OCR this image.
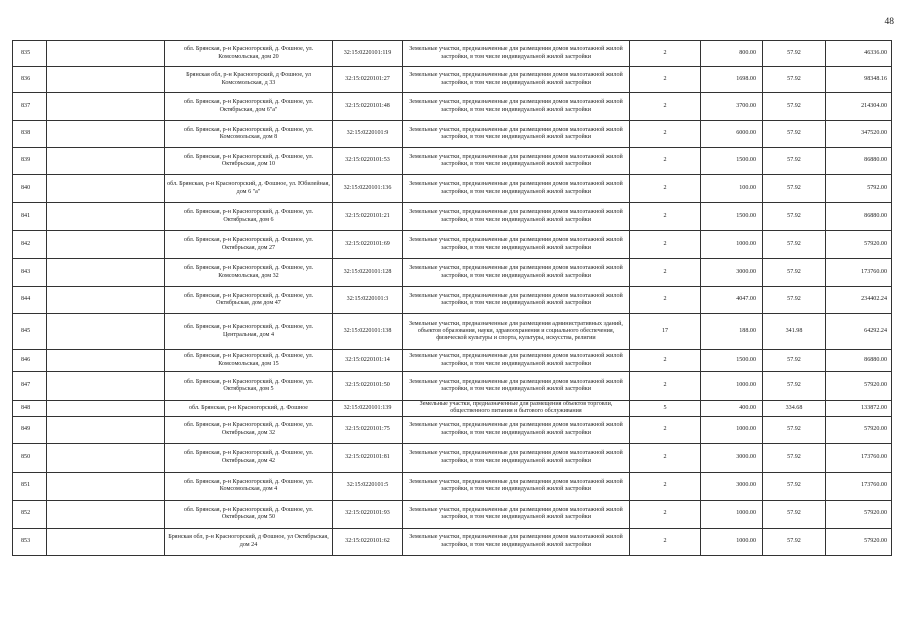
48
835		обл. Брянская, р-н Красногорский, д. Фошное, ул. Комсомольская, дом 20	32:15:0220101:119	Земельные участки, предназначенные для размещения домов малоэтажной жилой застройки, в том числе индивидуальной жилой застройки	2	800.00	57.92	46336.00
836		Брянская обл, р-н Красногорский, д Фошное, ул Комсомольская, д 33	32:15:0220101:27	Земельные участки, предназначенные для размещения домов малоэтажной жилой застройки, в том числе индивидуальной жилой застройки	2	1698.00	57.92	98348.16
837		обл. Брянская, р-н Красногорский, д. Фошное, ул. Октябрьская, дом 6"а"	32:15:0220101:48	Земельные участки, предназначенные для размещения домов малоэтажной жилой застройки, в том числе индивидуальной жилой застройки	2	3700.00	57.92	214304.00
838		обл. Брянская, р-н Красногорский, д. Фошное, ул. Комсомольская, дом 8	32:15:0220101:9	Земельные участки, предназначенные для размещения домов малоэтажной жилой застройки, в том числе индивидуальной жилой застройки	2	6000.00	57.92	347520.00
839		обл. Брянская, р-н Красногорский, д. Фошное, ул. Октябрьская, дом 10	32:15:0220101:53	Земельные участки, предназначенные для размещения домов малоэтажной жилой застройки, в том числе индивидуальной жилой застройки	2	1500.00	57.92	86880.00
840		обл. Брянская, р-н Красногорский, д. Фошное, ул. Юбилейная, дом 6 "а"	32:15:0220101:136	Земельные участки, предназначенные для размещения домов малоэтажной жилой застройки, в том числе индивидуальной жилой застройки	2	100.00	57.92	5792.00
841		обл. Брянская, р-н Красногорский, д. Фошное, ул. Октябрьская, дом 6	32:15:0220101:21	Земельные участки, предназначенные для размещения домов малоэтажной жилой застройки, в том числе индивидуальной жилой застройки	2	1500.00	57.92	86880.00
842		обл. Брянская, р-н Красногорский, д. Фошное, ул. Октябрьская, дом 27	32:15:0220101:69	Земельные участки, предназначенные для размещения домов малоэтажной жилой застройки, в том числе индивидуальной жилой застройки	2	1000.00	57.92	57920.00
843		обл. Брянская, р-н Красногорский, д. Фошное, ул. Комсомольская, дом 32	32:15:0220101:128	Земельные участки, предназначенные для размещения домов малоэтажной жилой застройки, в том числе индивидуальной жилой застройки	2	3000.00	57.92	173760.00
844		обл. Брянская, р-н Красногорский, д. Фошное, ул. Октябрьская, дом дом 47	32:15:0220101:3	Земельные участки, предназначенные для размещения домов малоэтажной жилой застройки, в том числе индивидуальной жилой застройки	2	4047.00	57.92	234402.24
845		обл. Брянская, р-н Красногорский, д. Фошное, ул. Центральная, дом 4	32:15:0220101:138	Земельные участки, предназначенные для размещения административных зданий, объектов образования, науки, здравоохранения и социального обеспечения, физической культуры и спорта, культуры, искусства, религии	17	188.00	341.98	64292.24
846		обл. Брянская, р-н Красногорский, д. Фошное, ул. Комсомольская, дом 15	32:15:0220101:14	Земельные участки, предназначенные для размещения домов малоэтажной жилой застройки, в том числе индивидуальной жилой застройки	2	1500.00	57.92	86880.00
847		обл. Брянская, р-н Красногорский, д. Фошное, ул. Октябрьская, дом 5	32:15:0220101:50	Земельные участки, предназначенные для размещения домов малоэтажной жилой застройки, в том числе индивидуальной жилой застройки	2	1000.00	57.92	57920.00
848		обл. Брянская, р-н Красногорский, д. Фошное	32:15:0220101:139	Земельные участки, предназначенные для размещения объектов торговли, общественного питания и бытового обслуживания	5	400.00	334.68	133872.00
849		обл. Брянская, р-н Красногорский, д. Фошное, ул. Октябрьская, дом 32	32:15:0220101:75	Земельные участки, предназначенные для размещения домов малоэтажной жилой застройки, в том числе индивидуальной жилой застройки	2	1000.00	57.92	57920.00
850		обл. Брянская, р-н Красногорский, д. Фошное, ул. Октябрьская, дом 42	32:15:0220101:81	Земельные участки, предназначенные для размещения домов малоэтажной жилой застройки, в том числе индивидуальной жилой застройки	2	3000.00	57.92	173760.00
851		обл. Брянская, р-н Красногорский, д. Фошное, ул. Комсомольская, дом 4	32:15:0220101:5	Земельные участки, предназначенные для размещения домов малоэтажной жилой застройки, в том числе индивидуальной жилой застройки	2	3000.00	57.92	173760.00
852		обл. Брянская, р-н Красногорский, д. Фошное, ул. Октябрьская, дом 50	32:15:0220101:93	Земельные участки, предназначенные для размещения домов малоэтажной жилой застройки, в том числе индивидуальной жилой застройки	2	1000.00	57.92	57920.00
853		Брянская обл, р-н Красногорский, д Фошное, ул Октябрьская, дом 24	32:15:0220101:62	Земельные участки, предназначенные для размещения домов малоэтажной жилой застройки, в том числе индивидуальной жилой застройки	2	1000.00	57.92	57920.00
